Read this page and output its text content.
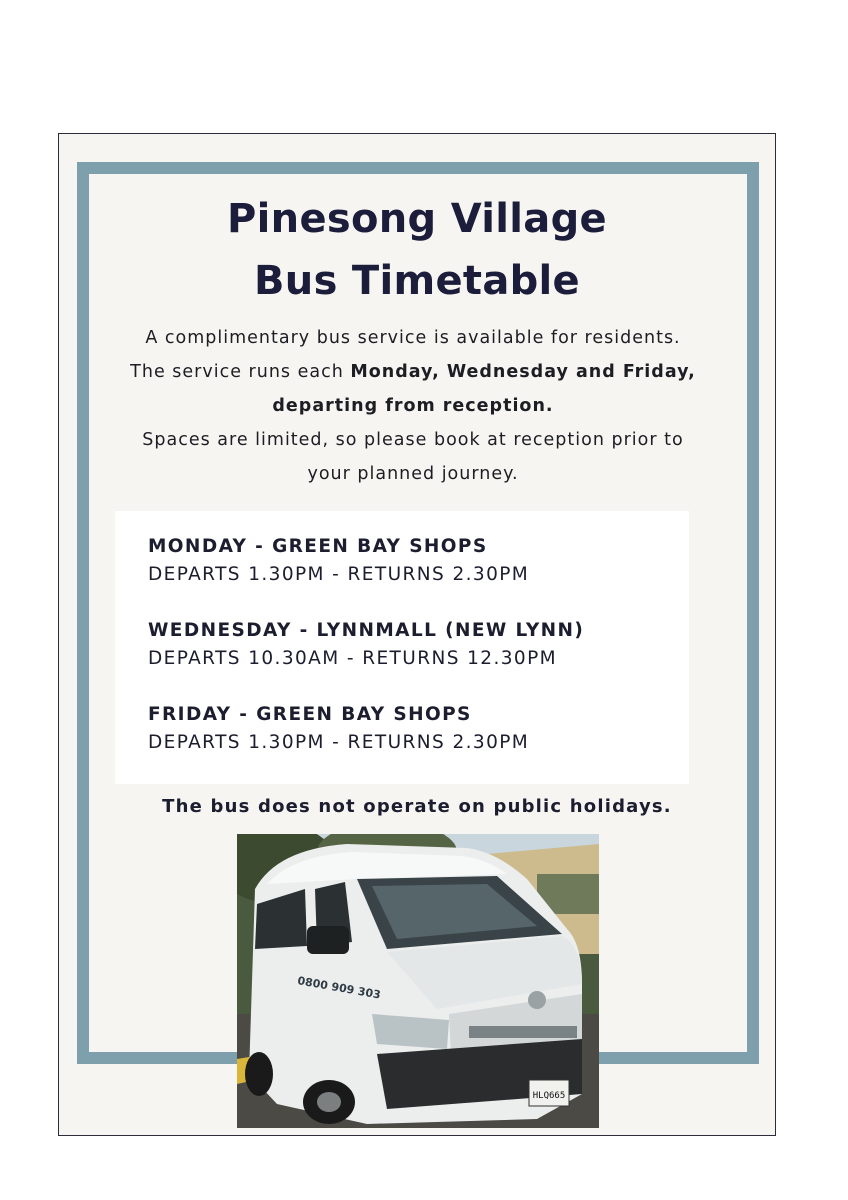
Pinesong Village
Bus Timetable

A complimentary bus service is available for residents.

The service runs each Monday, Wednesday and Friday,

departing from reception.

Spaces are limited, so please book at reception prior to

your planned journey.

MONDAY - GREEN BAY SHOPS
DEPARTS 1.30PM - RETURNS 2.30PM
WEDNESDAY - LYNNMALL (NEW LYNN)
DEPARTS 10.30AM - RETURNS 12.30PM
FRIDAY - GREEN BAY SHOPS
DEPARTS 1.30PM - RETURNS 2.30PM
The bus does not operate on public holidays.
HLQ665
0800 909 303
